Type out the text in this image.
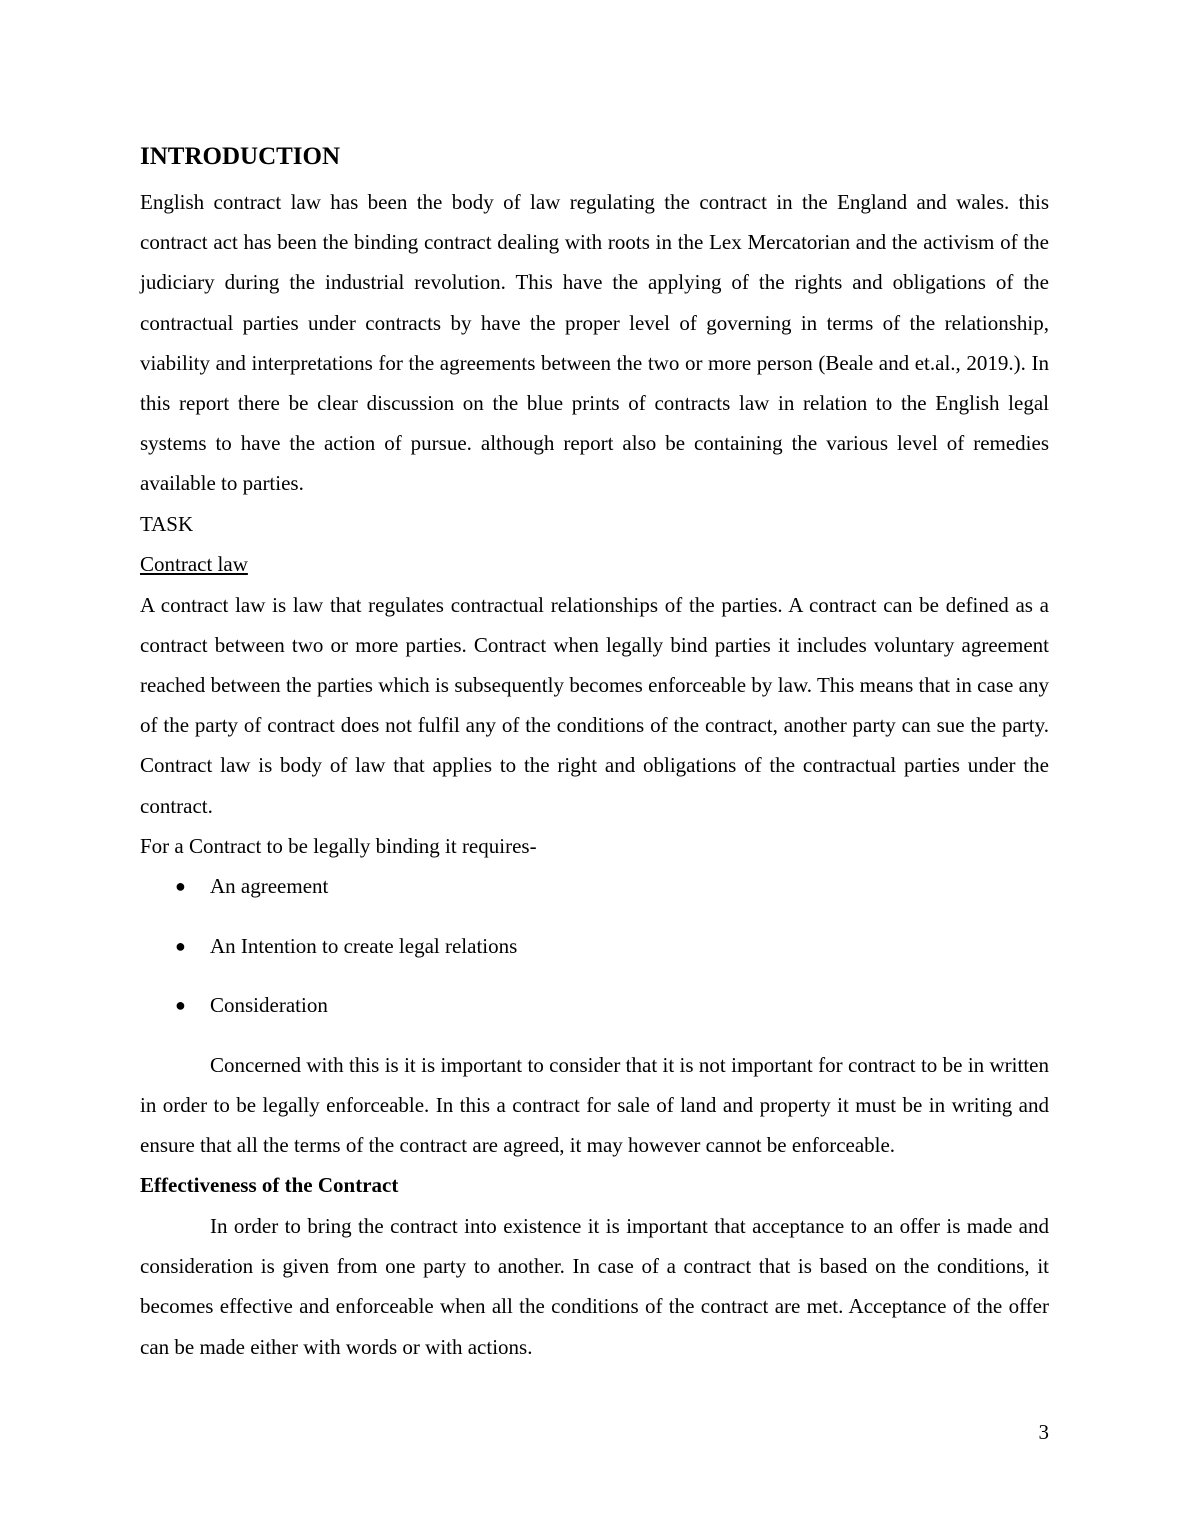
INTRODUCTION

English contract law has been the body of law regulating the contract in the England and wales. this contract act has been the binding contract dealing with roots in the Lex Mercatorian and the activism of the judiciary during the industrial revolution. This have the applying of the rights and obligations of the contractual parties under contracts by have the proper level of governing in terms of the relationship, viability and interpretations for the agreements between the two or more person (Beale and et.al., 2019.). In this report there be clear discussion on the blue prints of contracts law in relation to the English legal systems to have the action of pursue. although report also be containing the various level of remedies available to parties.

TASK

Contract law

A contract law is law that regulates contractual relationships of the parties. A contract can be defined as a contract between two or more parties. Contract when legally bind parties it includes voluntary agreement reached between the parties which is subsequently becomes enforceable by law. This means that in case any of the party of contract does not fulfil any of the conditions of the contract, another party can sue the party. Contract law is body of law that applies to the right and obligations of the contractual parties under the contract.

For a Contract to be legally binding it requires-

● An agreement
● An Intention to create legal relations
● Consideration

Concerned with this is it is important to consider that it is not important for contract to be in written in order to be legally enforceable. In this a contract for sale of land and property it must be in writing and ensure that all the terms of the contract are agreed, it may however cannot be enforceable.

Effectiveness of the Contract

In order to bring the contract into existence it is important that acceptance to an offer is made and consideration is given from one party to another. In case of a contract that is based on the conditions, it becomes effective and enforceable when all the conditions of the contract are met. Acceptance of the offer can be made either with words or with actions.

3
